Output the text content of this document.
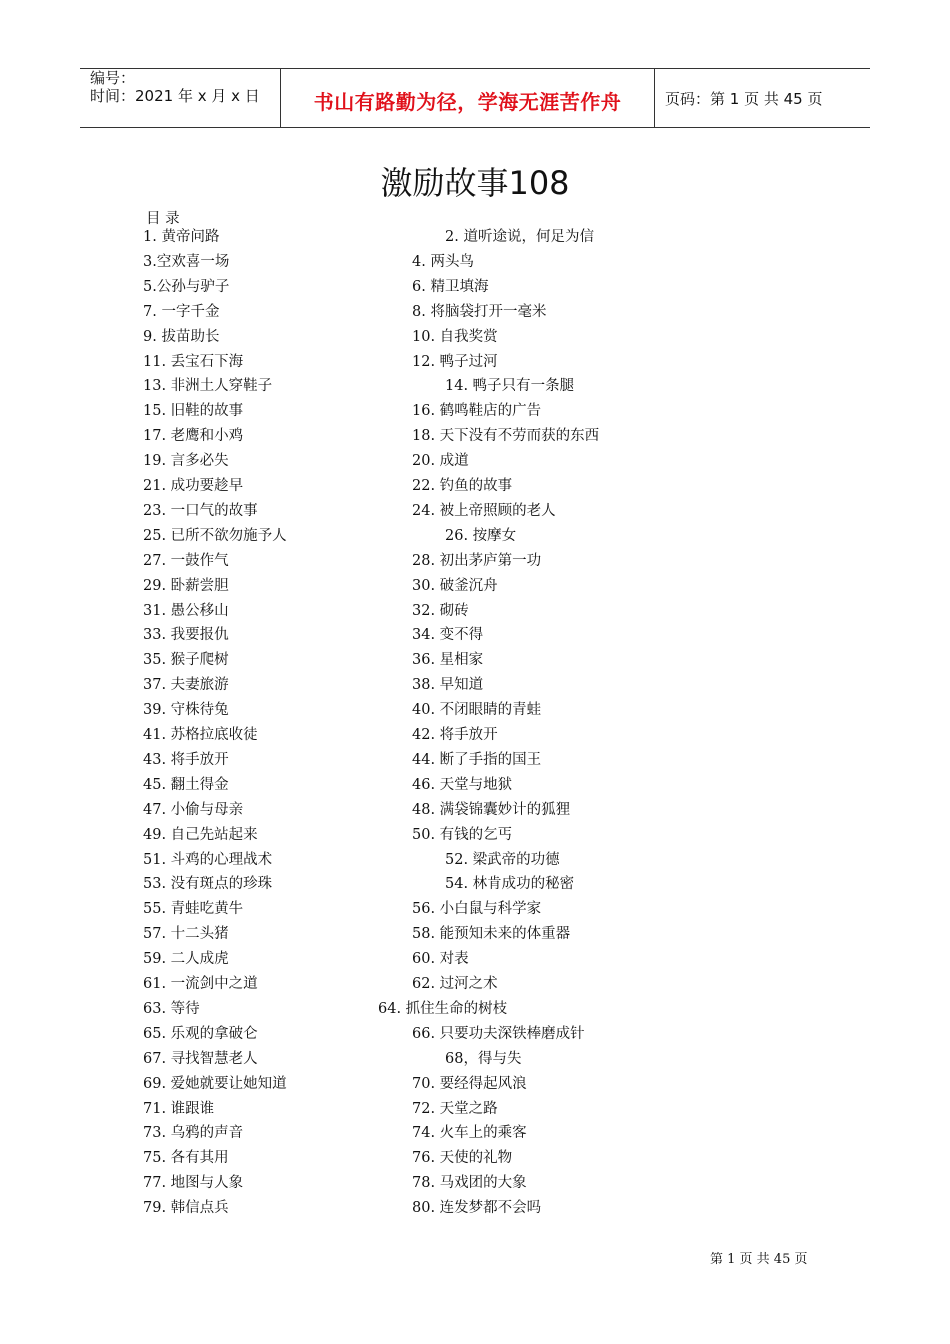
编号：
时间：2021 年 x 月 x 日	书山有路勤为径，学海无涯苦作舟	页码：第 1 页 共 45 页
激励故事108
目 录
1. 黄帝问路	2. 道听途说，何足为信
3.空欢喜一场	4. 两头鸟
5.公孙与驴子	6. 精卫填海
7. 一字千金	8. 将脑袋打开一毫米
9. 拔苗助长	10. 自我奖赏
11. 丢宝石下海	12. 鸭子过河
13. 非洲土人穿鞋子	14. 鸭子只有一条腿
15. 旧鞋的故事	16. 鹤鸣鞋店的广告
17. 老鹰和小鸡	18. 天下没有不劳而获的东西
19. 言多必失	20. 成道
21. 成功要趁早	22. 钓鱼的故事
23. 一口气的故事	24. 被上帝照顾的老人
25. 已所不欲勿施予人	26. 按摩女
27. 一鼓作气	28. 初出茅庐第一功
29. 卧薪尝胆	30. 破釜沉舟
31. 愚公移山	32. 砌砖
33. 我要报仇	34. 变不得
35. 猴子爬树	36. 星相家
37. 夫妻旅游	38. 早知道
39. 守株待兔	40. 不闭眼睛的青蛙
41. 苏格拉底收徒	42. 将手放开
43. 将手放开	44. 断了手指的国王
45. 翻土得金	46. 天堂与地狱
47. 小偷与母亲	48. 满袋锦囊妙计的狐狸
49. 自己先站起来	50. 有钱的乞丐
51. 斗鸡的心理战术	52. 梁武帝的功德
53. 没有斑点的珍珠	54. 林肯成功的秘密
55. 青蛙吃黄牛	56. 小白鼠与科学家
57. 十二头猪	58. 能预知未来的体重器
59. 二人成虎	60. 对表
61. 一流剑中之道	62. 过河之术
63. 等待	64. 抓住生命的树枝
65. 乐观的拿破仑	66. 只要功夫深铁棒磨成针
67. 寻找智慧老人	68，得与失
69. 爱她就要让她知道	70. 要经得起风浪
71. 谁跟谁	72. 天堂之路
73. 乌鸦的声音	74. 火车上的乘客
75. 各有其用	76. 天使的礼物
77. 地图与人象	78. 马戏团的大象
79. 韩信点兵	80. 连发梦都不会吗
第 1 页 共 45 页
